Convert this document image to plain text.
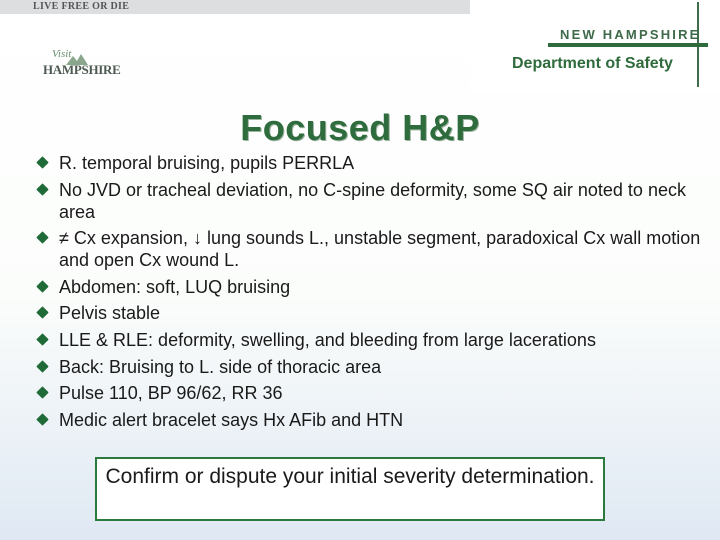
LIVE FREE OR DIE
Visit
HAMPSHIRE
NEW HAMPSHIRE
Department of Safety
Focused H&P
R. temporal bruising, pupils PERRLA
No JVD or tracheal deviation, no C-spine deformity, some SQ air noted to neck area
≠ Cx expansion, ↓ lung sounds L., unstable segment, paradoxical Cx wall motion and open Cx wound L.
Abdomen: soft, LUQ bruising
Pelvis stable
LLE & RLE: deformity, swelling, and bleeding from large lacerations
Back: Bruising to L. side of thoracic area
Pulse 110, BP 96/62, RR 36
Medic alert bracelet says Hx AFib and HTN
Confirm or dispute your initial severity determination.
